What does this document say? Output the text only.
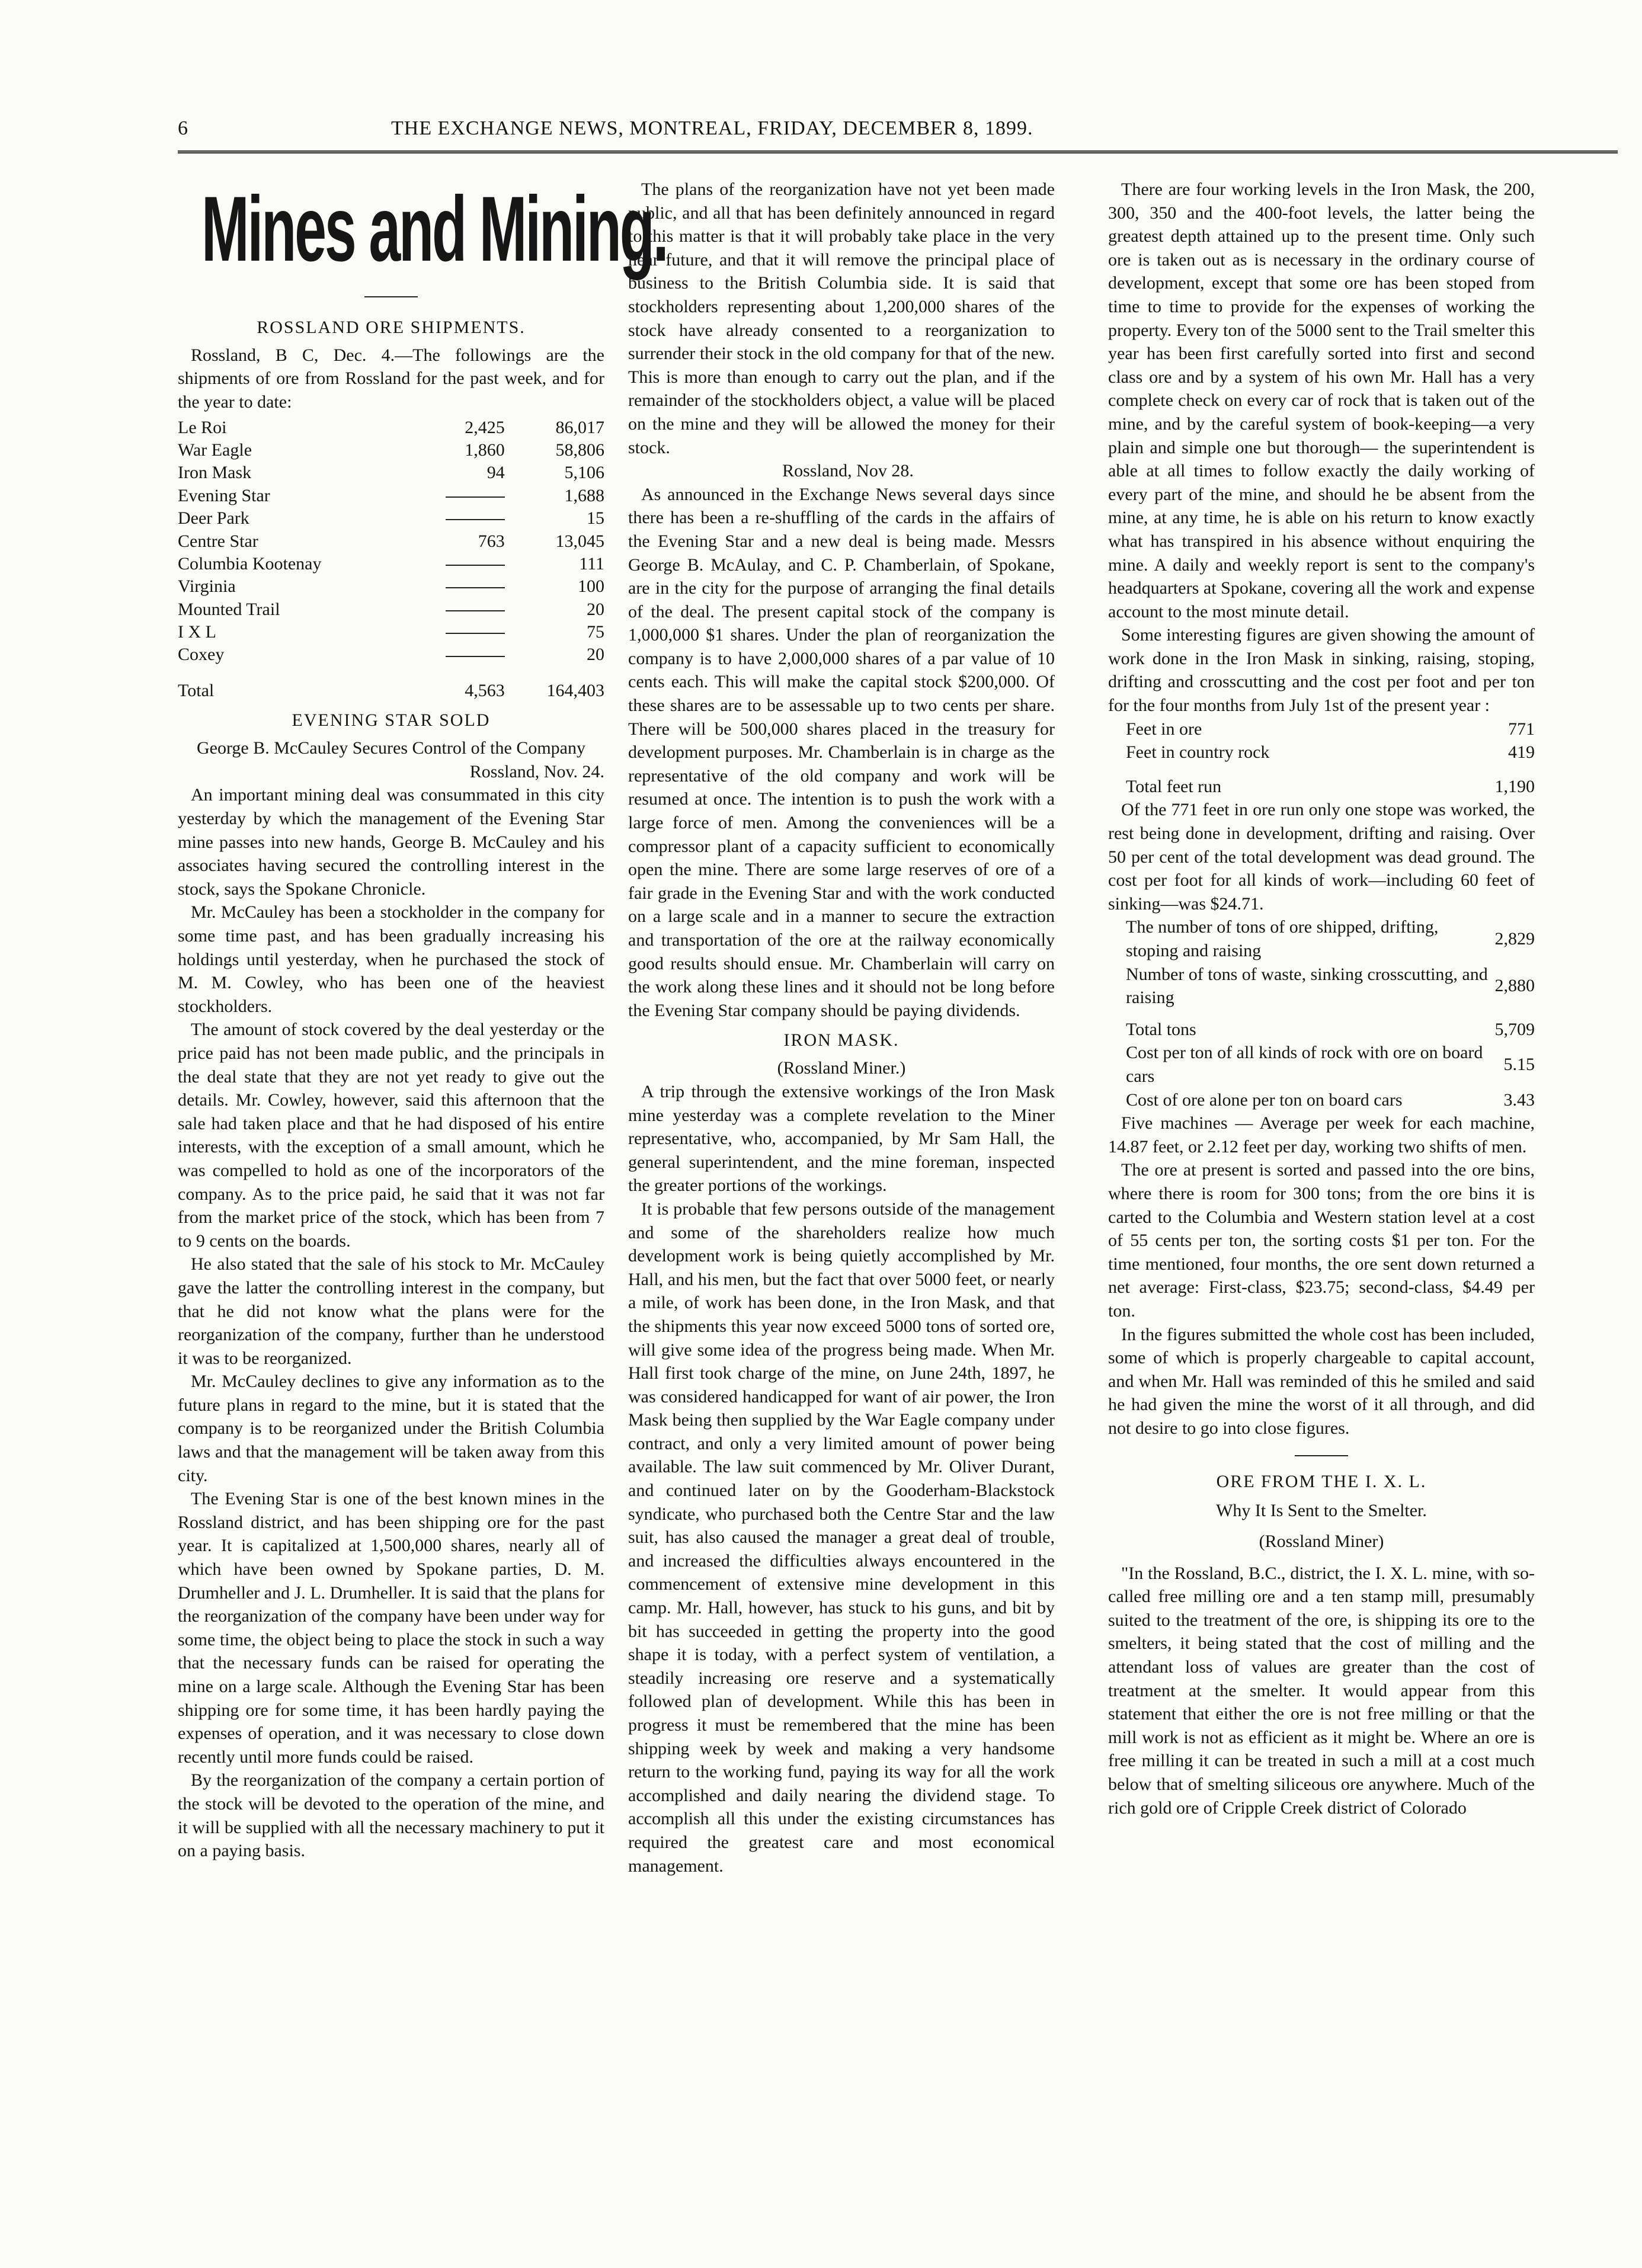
6	THE EXCHANGE NEWS, MONTREAL, FRIDAY, DECEMBER 8, 1899.
Mines and Mining.
ROSSLAND ORE SHIPMENTS.

Rossland, B C, Dec. 4.—The followings are the shipments of ore from Rossland for the past week, and for the year to date:

Le Roi	2,425	86,017
War Eagle	1,860	58,806
Iron Mask	94	5,106
Evening Star		1,688
Deer Park		15
Centre Star	763	13,045
Columbia Kootenay		111
Virginia		100
Mounted Trail		20
I X L		75
Coxey		20
Total	4,563	164,403
EVENING STAR SOLD
George B. McCauley Secures Control of the Company

Rossland, Nov. 24.

An important mining deal was consummated in this city yesterday by which the management of the Evening Star mine passes into new hands, George B. McCauley and his associates having secured the controlling interest in the stock, says the Spokane Chronicle.

Mr. McCauley has been a stockholder in the company for some time past, and has been gradually increasing his holdings until yesterday, when he purchased the stock of M. M. Cowley, who has been one of the heaviest stockholders.

The amount of stock covered by the deal yesterday or the price paid has not been made public, and the principals in the deal state that they are not yet ready to give out the details. Mr. Cowley, however, said this afternoon that the sale had taken place and that he had disposed of his entire interests, with the exception of a small amount, which he was compelled to hold as one of the incorporators of the company. As to the price paid, he said that it was not far from the market price of the stock, which has been from 7 to 9 cents on the boards.

He also stated that the sale of his stock to Mr. McCauley gave the latter the controlling interest in the company, but that he did not know what the plans were for the reorganization of the company, further than he understood it was to be reorganized.

Mr. McCauley declines to give any information as to the future plans in regard to the mine, but it is stated that the company is to be reorganized under the British Columbia laws and that the management will be taken away from this city.

The Evening Star is one of the best known mines in the Rossland district, and has been shipping ore for the past year. It is capitalized at 1,500,000 shares, nearly all of which have been owned by Spokane parties, D. M. Drumheller and J. L. Drumheller. It is said that the plans for the reorganization of the company have been under way for some time, the object being to place the stock in such a way that the necessary funds can be raised for operating the mine on a large scale. Although the Evening Star has been shipping ore for some time, it has been hardly paying the expenses of operation, and it was necessary to close down recently until more funds could be raised.

By the reorganization of the company a certain portion of the stock will be devoted to the operation of the mine, and it will be supplied with all the necessary machinery to put it on a paying basis.

The plans of the reorganization have not yet been made public, and all that has been definitely announced in regard to this matter is that it will probably take place in the very near future, and that it will remove the principal place of business to the British Columbia side. It is said that stockholders representing about 1,200,000 shares of the stock have already consented to a reorganization to surrender their stock in the old company for that of the new. This is more than enough to carry out the plan, and if the remainder of the stockholders object, a value will be placed on the mine and they will be allowed the money for their stock.

Rossland, Nov 28.

As announced in the Exchange News several days since there has been a re-shuffling of the cards in the affairs of the Evening Star and a new deal is being made. Messrs George B. McAulay, and C. P. Chamberlain, of Spokane, are in the city for the purpose of arranging the final details of the deal. The present capital stock of the company is 1,000,000 $1 shares. Under the plan of reorganization the company is to have 2,000,000 shares of a par value of 10 cents each. This will make the capital stock $200,000. Of these shares are to be assessable up to two cents per share. There will be 500,000 shares placed in the treasury for development purposes. Mr. Chamberlain is in charge as the representative of the old company and work will be resumed at once. The intention is to push the work with a large force of men. Among the conveniences will be a compressor plant of a capacity sufficient to economically open the mine. There are some large reserves of ore of a fair grade in the Evening Star and with the work conducted on a large scale and in a manner to secure the extraction and transportation of the ore at the railway economically good results should ensue. Mr. Chamberlain will carry on the work along these lines and it should not be long before the Evening Star company should be paying dividends.

IRON MASK.
(Rossland Miner.)

A trip through the extensive workings of the Iron Mask mine yesterday was a complete revelation to the Miner representative, who, accompanied, by Mr Sam Hall, the general superintendent, and the mine foreman, inspected the greater portions of the workings.

It is probable that few persons outside of the management and some of the shareholders realize how much development work is being quietly accomplished by Mr. Hall, and his men, but the fact that over 5000 feet, or nearly a mile, of work has been done, in the Iron Mask, and that the shipments this year now exceed 5000 tons of sorted ore, will give some idea of the progress being made. When Mr. Hall first took charge of the mine, on June 24th, 1897, he was considered handicapped for want of air power, the Iron Mask being then supplied by the War Eagle company under contract, and only a very limited amount of power being available. The law suit commenced by Mr. Oliver Durant, and continued later on by the Gooderham-Blackstock syndicate, who purchased both the Centre Star and the law suit, has also caused the manager a great deal of trouble, and increased the difficulties always encountered in the commencement of extensive mine development in this camp. Mr. Hall, however, has stuck to his guns, and bit by bit has succeeded in getting the property into the good shape it is today, with a perfect system of ventilation, a steadily increasing ore reserve and a systematically followed plan of development. While this has been in progress it must be remembered that the mine has been shipping week by week and making a very handsome return to the working fund, paying its way for all the work accomplished and daily nearing the dividend stage. To accomplish all this under the existing circumstances has required the greatest care and most economical management.

There are four working levels in the Iron Mask, the 200, 300, 350 and the 400-foot levels, the latter being the greatest depth attained up to the present time. Only such ore is taken out as is necessary in the ordinary course of development, except that some ore has been stoped from time to time to provide for the expenses of working the property. Every ton of the 5000 sent to the Trail smelter this year has been first carefully sorted into first and second class ore and by a system of his own Mr. Hall has a very complete check on every car of rock that is taken out of the mine, and by the careful system of book-keeping—a very plain and simple one but thorough— the superintendent is able at all times to follow exactly the daily working of every part of the mine, and should he be absent from the mine, at any time, he is able on his return to know exactly what has transpired in his absence without enquiring the mine. A daily and weekly report is sent to the company's headquarters at Spokane, covering all the work and expense account to the most minute detail.

Some interesting figures are given showing the amount of work done in the Iron Mask in sinking, raising, stoping, drifting and crosscutting and the cost per foot and per ton for the four months from July 1st of the present year :

Feet in ore	771
Feet in country rock	419
Total feet run	1,190

Of the 771 feet in ore run only one stope was worked, the rest being done in development, drifting and raising. Over 50 per cent of the total development was dead ground. The cost per foot for all kinds of work—including 60 feet of sinking—was $24.71.

The number of tons of ore shipped, drifting, stoping and raising	2,829
Number of tons of waste, sinking crosscutting, and raising	2,880
Total tons	5,709
Cost per ton of all kinds of rock with ore on board cars	5.15
Cost of ore alone per ton on board cars	3.43

Five machines — Average per week for each machine, 14.87 feet, or 2.12 feet per day, working two shifts of men.

The ore at present is sorted and passed into the ore bins, where there is room for 300 tons; from the ore bins it is carted to the Columbia and Western station level at a cost of 55 cents per ton, the sorting costs $1 per ton. For the time mentioned, four months, the ore sent down returned a net average: First-class, $23.75; second-class, $4.49 per ton.

In the figures submitted the whole cost has been included, some of which is properly chargeable to capital account, and when Mr. Hall was reminded of this he smiled and said he had given the mine the worst of it all through, and did not desire to go into close figures.

ORE FROM THE I. X. L.
Why It Is Sent to the Smelter.
(Rossland Miner)

"In the Rossland, B.C., district, the I. X. L. mine, with so-called free milling ore and a ten stamp mill, presumably suited to the treatment of the ore, is shipping its ore to the smelters, it being stated that the cost of milling and the attendant loss of values are greater than the cost of treatment at the smelter. It would appear from this statement that either the ore is not free milling or that the mill work is not as efficient as it might be. Where an ore is free milling it can be treated in such a mill at a cost much below that of smelting siliceous ore anywhere. Much of the rich gold ore of Cripple Creek district of Colorado
